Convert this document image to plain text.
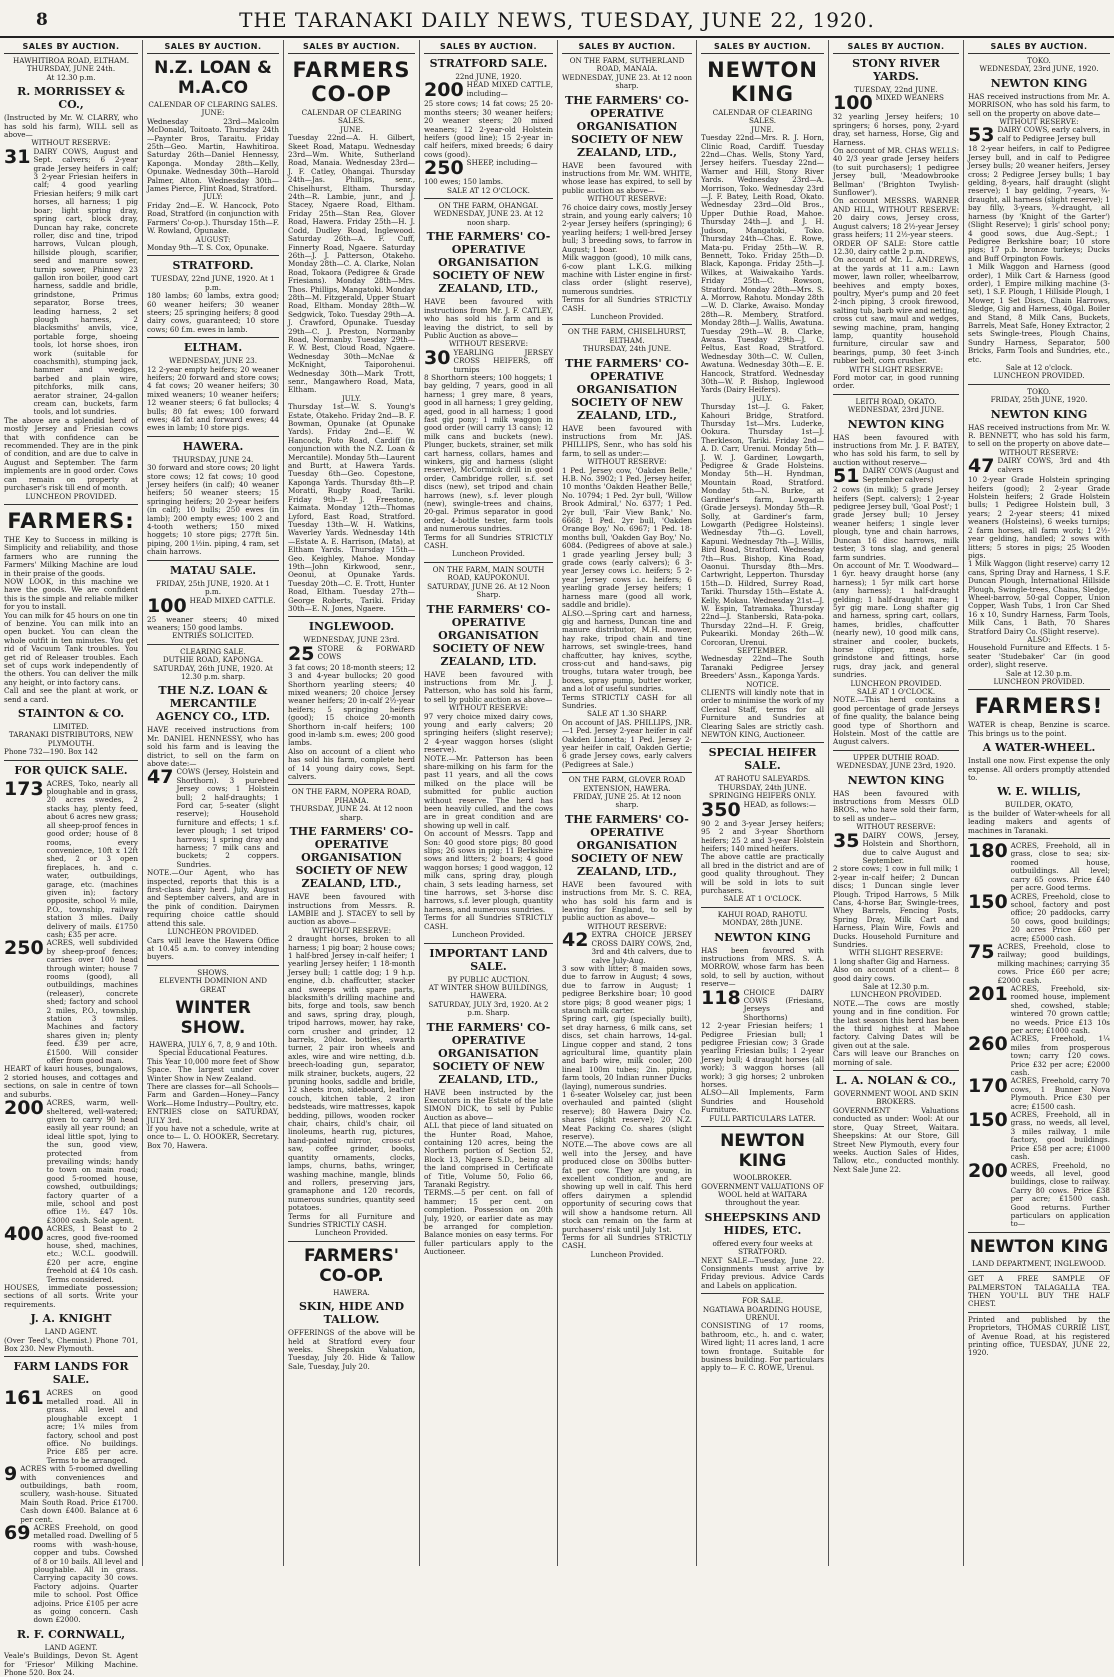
8	THE TARANAKI DAILY NEWS, TUESDAY, JUNE 22, 1920.
SALES BY AUCTION.
HAWHITIROA ROAD, ELTHAM.
THURSDAY, JUNE 24th.
At 12.30 p.m.
R. MORRISSEY & CO.,
(Instructed by Mr. W. CLARRY, who has sold his farm), WILL sell as above—
WITHOUT RESERVE:
31 DAIRY COWS, August and Sept. calvers; 6 2-year grade Jersey heifers in calf; 3 2-year Friesian heifers in calf; 4 good yearling Friesian heifers; 9 milk cart horses, all harness; 1 pig boar; light spring dray, spring cart, block dray, Duncan hay rake, concrete roller, disc and tine, tripod harrows, Vulcan plough, hillside plough, scarifier, seed and manure sower, turnip sower, Phinney 23 gallon iron boiler, good cart harness, saddle and bridle, grindstone, Primus separator, Borse trees, leading harness, 2 set plough harness, 2 blacksmiths' anvils, vice, portable forge, shoeing tools, lot horse shoes, iron work (suitable for coachsmith), stumping jack, hammer and wedges, barbed and plain wire, pitchforks, milk cans, aerator strainer, 24-gallon cream can, buckets, farm tools, and lot sundries.
The above are a splendid herd of mostly Jersey and Friesian cows that with confidence can be recommended. They are in the pink of condition, and are due to calve in August and September. The farm implements are in good order. Cows can remain on property at purchaser's risk till end of month.
LUNCHEON PROVIDED.
FARMERS:
THE Key to Success in milking is Simplicity and reliability, and those farmers who are running the Farmers' Milking Machine are loud in their praise of the goods.
NOW LOOK, in this machine we have the goods. We are confident this is the simple and reliable milker for you to install.
You can milk for 45 hours on one tin of benzine. You can milk into an open bucket. You can clean the whole outfit in ten minutes. You get rid of Vacuum Tank troubles. You get rid of Releaser troubles. Each set of cups work independently of the others. You can deliver the milk any height, or into factory cans.
Call and see the plant at work, or send a card.
STAINTON & CO.
LIMITED.
TARANAKI DISTRIBUTORS, NEW PLYMOUTH.
Phone 732—190. Box 142
FOR QUICK SALE.
173 ACRES, Toko, nearly all ploughable and in grass, 20 acres swedes, 2 stacks hay, plenty feed, about 6 acres new grass; all sheep-proof fences in good order; house of 8 rooms, every convenience, 10ft x 12ft shed, 2 or 3 open fireplaces, h. and c. water, outbuildings, garage, etc. (machines given in); factory opposite, school ½ mile, P.O., township, railway station 3 miles. Daily delivery of mails. £1750 cash; £35 per acre.
250 ACRES, well subdivided by sheep-proof fences; carries over 100 head through winter; house 7 rooms (good), all outbuildings, machines (releaser), concrete shed; factory and school 2 miles, P.O., township, station 3 miles. Machines and factory shares given in; plenty feed. £39 per acre, £1500. Will consider offer from good man.
HEART of kauri houses, bungalows, 2 storied houses, and cottages and sections, on sale in centre of town and suburbs.
200 ACRES, warm, well-sheltered, well-watered; given to carry 90 head easily all year round; an ideal little spot, lying to the sun, good view, protected from prevailing winds; handy to town on main road; good 5-roomed house, cowshed, outbuildings; factory quarter of a mile, school and post office 1½. £47 10s. £3000 cash. Sole agent.
400 ACRES, 1 Beast to 2 acres, good five-roomed house, shed, machines, etc.; W.C.L. goodwill. £20 per acre, engine freehold at £4 10s cash. Terms considered.
HOUSES, immediate possession; sections of all sorts. Write your requirements.
J. A. KNIGHT
LAND AGENT.
(Over Teed's, Chemist.) Phone 701, Box 230. New Plymouth.
FARM LANDS FOR SALE.
161 ACRES on good metalled road. All in grass. All level and ploughable except 1 acre; 1¼ miles from factory, school and post office. No buildings. Price £85 per acre. Terms to be arranged.
9 ACRES with 5-roomed dwelling with conveniences and outbuildings, bath room, scullery, wash-house. Situated Main South Road. Price £1700. Cash down £400. Balance at 6 per cent.
69 ACRES Freehold, on good metalled road. Dwelling of 5 rooms with wash-house, copper and tubs. Cowshed of 8 or 10 bails. All level and ploughable. All in grass. Carrying capacity 30 cows. Factory adjoins. Quarter mile to school. Post Office adjoins. Price £105 per acre as going concern. Cash down £2000.
R. F. CORNWALL,
LAND AGENT.
Veale's Buildings, Devon St. Agent for 'Friesor' Milking Machine. Phone 520. Box 24.
SALES BY AUCTION.
N.Z. LOAN & M.A.CO
CALENDAR OF CLEARING SALES.
JUNE:
Wednesday 23rd—Malcolm McDonald, Toitoato. Thursday 24th—Paynter Bros, Taraitu. Friday 25th—Geo. Martin, Hawhitiroa. Saturday 26th—Daniel Hennessy, Kaponga. Monday 28th—Kelly, Opunake. Wednesday 30th—Harold Palmer, Alton. Wednesday 30th—James Pierce, Flint Road, Stratford.
JULY:
Friday 2nd—E. W. Hancock, Poto Road, Stratford (in conjunction with Farmers' Co-op.). Thursday 15th—F. W. Rowland, Opunake.
AUGUST:
Monday 9th—T. S. Cox, Opunake.
STRATFORD.
TUESDAY, 22nd JUNE, 1920. At 1 p.m.
180 lambs; 60 lambs, extra good; 60 weaner heifers; 30 weaner steers; 25 springing heifers; 8 good dairy cows, guaranteed; 10 store cows; 60 f.m. ewes in lamb.
ELTHAM.
WEDNESDAY, JUNE 23.
12 2-year empty heifers; 20 weaner heifers; 20 forward and store cows; 4 fat cows; 20 weaner heifers; 30 mixed weaners; 10 weaner heifers; 12 weaner steers; 6 fat bullocks; 4 bulls; 80 fat ewes; 100 forward ewes; 48 fat and forward ewes; 44 ewes in lamb; 10 store pigs.
HAWERA.
THURSDAY, JUNE 24.
30 forward and store cows; 20 light store cows; 12 fat cows; 10 good Jersey heifers (in calf); 40 weaner heifers; 50 weaner steers; 15 springing heifers; 20 2-year heifers (in calf); 10 bulls; 250 ewes (in lamb); 200 empty ewes; 100 2 and 4-tooth wethers; 150 mixed hoggets; 10 store pigs; 277ft 5in. piping, 200 1½in. piping, 4 ram, set chain harrows.
MATAU SALE.
FRIDAY, 25th JUNE, 1920. At 1 p.m.
100 HEAD MIXED CATTLE.
25 weaner steers; 40 mixed weaners; 150 good lambs.
ENTRIES SOLICITED.
CLEARING SALE.
DUTHIE ROAD, KAPONGA.
SATURDAY, 26th JUNE, 1920. At 12.30 p.m. sharp.
THE N.Z. LOAN & MERCANTILE AGENCY CO., LTD.
HAVE received instructions from Mr. DANIEL HENNESSY, who has sold his farm and is leaving the district, to sell on the farm on above date:—
47 COWS (Jersey, Holstein and Shorthorn). 3 purebred Jersey cows; 1 Holstein bull; 2 half-draughts; 1 Ford car, 5-seater (slight reserve); Household furniture and effects; 1 s.f. lever plough; 1 set tripod harrows; 1 spring dray and harness; 7 milk cans and buckets; 2 coppers. Sundries.
NOTE.—Our Agent, who has inspected, reports that this is a first-class dairy herd. July, August and September calvers, and are in the pink of condition. Dairymen requiring choice cattle should attend this sale.
LUNCHEON PROVIDED.
Cars will leave the Hawera Office at 10.45 a.m. to convey intending buyers.
SHOWS.
ELEVENTH DOMINION AND GREAT
WINTER SHOW.
HAWERA, JULY 6, 7, 8, 9 and 10th.
Special Educational Features.
This Year 10,000 more feet of Show Space. The largest under cover Winter Show in New Zealand.
There are classes for—all Schools—Farm and Garden—Honey—Fancy Work—Home Industry—Poultry, etc.
ENTRIES close on SATURDAY, JULY 3rd.
If you have not a schedule, write at once to— L. O. HOOKER, Secretary. Box 70, Hawera.
SALES BY AUCTION.
FARMERS CO-OP
CALENDAR OF CLEARING SALES.
JUNE.
Tuesday 22nd—A. H. Gilbert, Skeet Road, Matapu. Wednesday 23rd—Wm. White, Sutherland Road, Manaia. Wednesday 23rd—J. F. Catley, Ohangai. Thursday 24th—Jas. Phillips, senr., Chiselhurst, Eltham. Thursday 24th—R. Lambie, junr., and J. Stacey, Ngaere Road, Eltham. Friday 25th—Stan Rea, Glover Road, Hawera. Friday 25th—H. J. Codd, Dudley Road, Inglewood. Saturday 26th—A. F. Cuff, Finnerty Road, Ngaere. Saturday 26th—J. J. Patterson, Otakeho. Monday 28th—C. A. Clarke, Nolan Road, Tokaora (Pedigree & Grade Friesians). Monday 28th—Mrs. Thos. Phillips, Mangatoki. Monday 28th—M. Fitzgerald, Upper Stuart Road, Eltham. Monday 28th—W. Sedgwick, Toko. Tuesday 29th—A. J. Crawford, Opunake. Tuesday 29th—C. J. Preston, Normanby Road, Normanby. Tuesday 29th—F. W. Best, Cloud Road, Ngaere. Wednesday 30th—McNae & McKnight, Taiporohenui. Wednesday 30th—Mark Trott, senr., Mangawhero Road, Mata, Eltham.
JULY.
Thursday 1st—W. S. Young's Estate, Otakeho. Friday 2nd—B. F. Bowman, Opunake (at Opunake Yards). Friday 2nd—E. W. Hancock, Poto Road, Cardiff (in conjunction with the N.Z. Loan & Mercantile). Monday 5th—Laurent and Burtt, at Hawera Yards. Tuesday 6th—Geo. Copestone, Kaponga Yards. Thursday 8th—P. Moratti, Rugby Road, Tariki. Friday 9th—P. J. Freestone, Kaimata. Monday 12th—Thomas Lyford, East Road, Stratford. Tuesday 13th—W. H. Watkins, Waverley Yards. Wednesday 14th—Estate A. E. Harrison, (Mata), at Eltham Yards. Thursday 15th—Geo. Keighley, Mahoe. Monday 19th—John Kirkwood, senr., Oeonui, at Opunake Yards. Tuesday 20th—C. E. Trott, Hunter Road, Eltham. Tuesday 27th—George Roberts, Tariki. Friday 30th—E. N. Jones, Ngaere.
INGLEWOOD.
WEDNESDAY, JUNE 23rd.
25 STORE & FORWARD COWS
3 fat cows; 20 18-month steers; 12 3 and 4-year bullocks; 20 good Shorthorn yearling steers; 40 mixed weaners; 20 choice Jersey weaner heifers; 20 in-calf 2½-year heifers; 5 springing heifers (good); 15 choice 20-month Shorthorn in-calf heifers; 100 good in-lamb s.m. ewes; 200 good lambs.
Also on account of a client who has sold his farm, complete herd of 14 young dairy cows, Sept. calvers.
ON THE FARM, NOPERA ROAD, PIHAMA.
THURSDAY, JUNE 24. At 12 noon sharp.
THE FARMERS' CO-OPERATIVE ORGANISATION SOCIETY OF NEW ZEALAND, LTD.,
HAVE been favoured with instructions from Messrs. R. LAMBIE and J. STACEY to sell by auction as above—
WITHOUT RESERVE:
2 draught horses, broken to all harness; 1 pig boar; 2 house cows; 1 half-bred Jersey in-calf heifer; 1 yearling Jersey heifer; 1 18-month Jersey bull; 1 cattle dog; 1 9 h.p. engine, d.b. chaffcutter, stacker and sweeps with spare parts, blacksmith's drilling machine and bits, forge and tools, saw bench and saws, spring dray, plough, tripod harrows, mower, hay rake, corn crusher and grinder, 12 barrels, 20doz. bottles, swarth turner, 2 pair iron wheels and axles, wire and wire netting, d.b. breech-loading gun, separator, milk strainer, buckets, augers, 22 pruning hooks, saddle and bridle, 12 sheets iron, sideboard, leather couch, kitchen table, 2 iron bedsteads, wire mattresses, kapok bedding, pillows, wooden rocker chair, chairs, child's chair, oil linoleums, hearth rug, pictures, hand-painted mirror, cross-cut saw, coffee grinder, books, quantity ornaments, clocks, lamps, churns, baths, wringer, washing machine, mangle, blinds and rollers, preserving jars, gramaphone and 120 records, numerous sundries, quantity seed potatoes.
Terms for all Furniture and Sundries STRICTLY CASH.
Luncheon Provided.
FARMERS' CO-OP.
HAWERA.
SKIN, HIDE AND TALLOW.
OFFERINGS of the above will be held at Stratford every four weeks. Sheepskin Valuation, Tuesday, July 20. Hide & Tallow Sale, Tuesday, July 20.
SALES BY AUCTION.
STRATFORD SALE.
22nd JUNE, 1920.
200 HEAD MIXED CATTLE, including—
25 store cows; 14 fat cows; 25 20-months steers; 30 weaner heifers; 20 weaner steers; 20 mixed weaners; 12 2-year-old Holstein heifers (good line); 15 2-year in-calf heifers, mixed breeds; 6 dairy cows (good).
250 SHEEP, including—
100 ewes; 150 lambs.
SALE AT 12 O'CLOCK.
ON THE FARM, OHANGAI.
WEDNESDAY, JUNE 23. At 12 noon sharp.
THE FARMERS' CO-OPERATIVE ORGANISATION SOCIETY OF NEW ZEALAND, LTD.,
HAVE been favoured with instructions from Mr. J. F. CATLEY, who has sold his farm and is leaving the district, to sell by Public Auction as above—
WITHOUT RESERVE:
30 YEARLING JERSEY CROSS HEIFERS, off turnips
8 Shorthorn steers; 100 hoggets; 1 bay gelding, 7 years, good in all harness; 1 grey mare, 8 years, good in all harness; 1 grey gelding, aged, good in all harness; 1 good fast gig pony; 1 milk waggon in good order (will carry 13 cans); 12 milk cans and buckets (new). Plunger, buckets, strainer, set milk cart harness, collars, hames and winkers, gig and harness (slight reserve), McCormick drill in good order, Cambridge roller, s.f. set discs (new), set tripod and chain harrows (new), s.f. lever plough (new), swingle-trees and chains, 20-gal. Primus separator in good order, 4-bottle tester, farm tools and numerous sundries.
Terms for all Sundries STRICTLY CASH.
Luncheon Provided.
ON THE FARM, MAIN SOUTH ROAD, KAUPOKONUI.
SATURDAY, JUNE 26. At 12 Noon Sharp.
THE FARMERS' CO-OPERATIVE ORGANISATION SOCIETY OF NEW ZEALAND, LTD.
HAVE been favoured with instructions from Mr. J. J. Patterson, who has sold his farm, to sell by public auction as above—
WITHOUT RESERVE:
97 very choice mixed dairy cows, young and early calvers; 20 springing heifers (slight reserve); 2 4-year waggon horses (slight reserve).
NOTE.—Mr. Patterson has been share-milking on his farm for the past 11 years, and all the cows milked on the place will be submitted for public auction without reserve. The herd has been heavily culled, and the cows are in great condition and are showing up well in calf.
On account of Messrs. Tapp and Son: 40 good store pigs; 80 good slips; 26 sows in pig; 11 Berkshire sows and litters; 2 boars; 4 good waggon horses; 1 good waggon, 12 milk cans, spring dray, plough chain, 3 sets leading harness, set tine harrows, set 3-horse disc harrows, s.f. lever plough, quantity harness, and numerous sundries.
Terms for all Sundries STRICTLY CASH.
Luncheon Provided.
IMPORTANT LAND SALE.
BY PUBLIC AUCTION.
AT WINTER SHOW BUILDINGS, HAWERA.
SATURDAY, JULY 3rd, 1920. At 2 p.m. Sharp.
THE FARMERS' CO-OPERATIVE ORGANISATION SOCIETY OF NEW ZEALAND, LTD.,
HAVE been instructed by the Executors in the Estate of the late SIMON DICK, to sell by Public Auction as above—
ALL that piece of land situated on the Hunter Road, Mahoe, containing 120 acres, being the Northern portion of Section 52, Block 13, Ngaere S.D., being all the land comprised in Certificate of Title, Volume 50, Folio 66, Taranaki Registry.
TERMS.—5 per cent. on fall of hammer; 15 per cent. on completion. Possession on 20th July, 1920, or earlier date as may be arranged for completion. Balance monies on easy terms. For fuller particulars apply to the Auctioneer.
SALES BY AUCTION.
ON THE FARM, SUTHERLAND ROAD, MANAIA.
WEDNESDAY, JUNE 23. At 12 noon sharp.
THE FARMERS' CO-OPERATIVE ORGANISATION SOCIETY OF NEW ZEALAND, LTD.,
HAVE been favoured with instructions from Mr. WM. WHITE, whose lease has expired, to sell by public auction as above—
WITHOUT RESERVE:
76 choice dairy cows, mostly Jersey strain, and young early calvers; 10 2-year Jersey heifers (springing); 6 yearling heifers; 1 well-bred Jersey bull; 3 breeding sows, to farrow in August; 1 boar.
Milk waggon (good), 10 milk cans, 6-cow plant L.K.G. milking machine with Lister engine in first-class order (slight reserve), numerous sundries.
Terms for all Sundries STRICTLY CASH.
Luncheon Provided.
ON THE FARM, CHISELHURST, ELTHAM.
THURSDAY, 24th JUNE.
THE FARMERS' CO-OPERATIVE ORGANISATION SOCIETY OF NEW ZEALAND, LTD.,
HAVE been favoured with instructions from Mr. JAS. PHILLIPS, Senr., who has sold his farm, to sell as under:—
WITHOUT RESERVE:
1 Ped. Jersey cow, 'Oakden Belle,' H.B. No. 3902; 1 Ped. Jersey heifer, 10 months 'Oakden Heather Belle,' No. 10794; 1 Ped. 2yr bull, 'Willow Brook Admiral,' No. 6377; 1 Ped. 2yr bull, 'Fair View Bank,' No. 6668; 1 Ped. 2yr bull, 'Oakden Orange Boy,' No. 6967; 1 Ped. 18-months bull, 'Oakden Gay Boy,' No. 6084. (Pedigrees of above at sale.) 1 grade yearling Jersey bull; 3 grade cows (early calvers); 6 3-year Jersey cows i.c. heifers; 5 2-year Jersey cows i.c. heifers; 6 yearling grade Jersey heifers; 1 harness mare (good all work, saddle and bridle).
ALSO.—Spring cart and harness, gig and harness, Duncan tine and manure distributor, M.H. mower, hay rake, tripod chain and tine harrows, set swingle-trees, hand chaffcutter, hay knives, scythe, cross-cut and hand-saws, pig troughs, tutara water trough, bee boxes, spray pump, butter worker, and a lot of useful sundries.
Terms STRICTLY CASH for all Sundries.
SALE AT 1.30 SHARP.
On account of JAS. PHILLIPS, JNR.—1 Ped. Jersey 2-year heifer in calf Oakden Lionetta; 1 Ped. Jersey 2-year heifer in calf, Oakden Gertie; 6 grade Jersey cows, early calvers (Pedigrees at Sale.)
ON THE FARM, GLOVER ROAD EXTENSION, HAWERA.
FRIDAY, JUNE 25. At 12 noon sharp.
THE FARMERS' CO-OPERATIVE ORGANISATION SOCIETY OF NEW ZEALAND, LTD.,
HAVE been favoured with instructions from Mr. S. C. REA, who has sold his farm and is leaving for England, to sell by public auction as above—
WITHOUT RESERVE:
42 EXTRA CHOICE JERSEY CROSS DAIRY COWS, 2nd, 3rd and 4th calvers, due to calve July-Aug.
3 sow with litter; 8 maiden sows, due to farrow in August; 4 sows, due to farrow in August; 1 pedigree Berkshire boar; 10 good store pigs; 8 good weaner pigs; 1 staunch milk carter.
Spring cart, gig (specially built), set dray harness, 6 milk cans, set discs, set chain harrows, 14-gal. Lingue copper and stand, 2 tons agricultural lime, quantity plain and barb wire, milk cooler, 200 lineal 100m tubes; 2in. piping, farm tools, 20 Indian runner Ducks (laying), numerous sundries.
1 6-seater Wolseley car, just been overhauled and painted (slight reserve); 80 Hawera Dairy Co. shares (slight reserve); 20 N.Z. Meat Packing Co. shares (slight reserve).
NOTE.—The above cows are all well into the Jersey, and have produced close on 300lbs butter-fat per cow. They are young, in excellent condition, and are showing up well in calf. This herd offers dairymen a splendid opportunity of securing cows that will show a handsome return. All stock can remain on the farm at purchasers' risk until July 1st.
Terms for all Sundries STRICTLY CASH.
Luncheon Provided.
SALES BY AUCTION.
NEWTON KING
CALENDAR OF CLEARING SALES.
JUNE.
Tuesday 22nd—Mrs. R. J. Horn, Clinic Road, Cardiff. Tuesday 22nd—Chas. Wells, Stony Yard, Jersey heifers. Tuesday 22nd—Warner and Hill, Stony River Yards. Wednesday 23rd—A. Morrison, Toko. Wednesday 23rd—J. F. Batey, Leith Road, Okato. Wednesday 23rd—Old Bros., Upper Duthie Road, Mahoe. Thursday 24th—J. and J. H. Judson, Mangatoki, Toko. Thursday 24th—Chas. E. Rowe, Mata-pu. Friday 25th—W. R. Bennett, Toko. Friday 25th—D. Black, Kaponga. Friday 25th—J. Wilkes, at Waiwakaiho Yards. Friday 25th—C. Rowson, Stratford. Monday 28th—Mrs. S. A. Morrow, Rahotu. Monday 28th—W. D. Clarke, Awaiso. Monday 28th—R. Membery, Stratford. Monday 28th—J. Wallis, Awatuna. Tuesday 29th—W. B. Clarke, Awasa. Tuesday 29th—J. C. Feltus, East Road, Stratford. Wednesday 30th—C. W. Cullen, Awatuna. Wednesday 30th—E. E. Hancock, Stratford. Wednesday 30th—W. P. Bishop, Inglewood Yards (Dairy Heifers).
JULY.
Thursday 1st—J. G. Faker, Kahouri Bridge, Stratford. Thursday 1st—Mrs. Luderke, Ookura. Thursday 1st—J. Therkleson, Tariki. Friday 2nd—A. D. Carr, Urenui. Monday 5th—J. W. J. Gardiner, Lowgarth, Pedigree & Grade Holsteins. Monday 5th—H. Hyndman, Mountain Road, Stratford. Monday 5th—N. Burke, at Gardiner's farm, Lowgarth (Grade Jerseys). Monday 5th—R. Solly, at Gardiner's farm, Lowgarth (Pedigree Holsteins). Wednesday 7th—G. Lovell, Kapuni. Wednesday 7th—J. Willis, Bird Road, Stratford. Wednesday 7th—Rus. Bishop, Kina Road, Oaonui. Thursday 8th—Mrs. Cartwright, Lepperton. Thursday 15th—D. Hildred, Surrey Road, Tariki. Thursday 15th—Estate A. Kelly, Mokau. Wednesday 21st—J. W. Espin, Tatramaka. Thursday 22nd—J. Stanberski, Rata-poka. Thursday 22nd—H. F. Greig, Pukeariki. Monday 26th—W. Corcoran, Urenui.
SEPTEMBER.
Wednesday 22nd—The South Taranaki Pedigree Jersey Breeders' Assn., Kaponga Yards.
NOTICE.
CLIENTS will kindly note that in order to minimise the work of my Clerical Staff, terms for all Furniture and Sundries at Clearing Sales are strictly cash. NEWTON KING, Auctioneer.
SPECIAL HEIFER SALE.
AT RAHOTU SALEYARDS.
THURSDAY, 24th JUNE.
SPRINGING HEIFERS ONLY.
350 HEAD, as follows:—
90 2 and 3-year Jersey heifers; 95 2 and 3-year Shorthorn heifers; 25 2 and 3-year Holstein heifers; 140 mixed heifers.
The above cattle are practically all bred in the district and are of good quality throughout. They will be sold in lots to suit purchasers.
SALE AT 1 O'CLOCK.
KAHUI ROAD, RAHOTU.
MONDAY, 28th JUNE.
NEWTON KING
HAS been favoured with instructions from MRS. S. A. MORROW, whose farm has been sold, to sell by auction, without reserve—
118 CHOICE DAIRY COWS (Friesians, Jerseys and Shorthorns)
12 2-year Friesian heifers; 1 Pedigree Friesian bull; 1 pedigree Friesian cow; 3 Grade yearling Friesian bulls; 1 2-year Jersey bull; 4 draught horses (all work); 3 waggon horses (all work); 3 gig horses; 2 unbroken horses.
ALSO—All Implements, Farm Sundries and Household Furniture.
FULL PARTICULARS LATER.
NEWTON KING
WOOLBROKER.
GOVERNMENT VALUATIONS OF WOOL held at WAITARA throughout the year.
SHEEPSKINS AND HIDES, ETC.
offered every four weeks at STRATFORD.
NEXT SALE—Tuesday, June 22. Consignments must arrive by Friday previous. Advice Cards and Labels on application.
FOR SALE.
NGATIAWA BOARDING HOUSE, URENUI.
CONSISTING of 17 rooms, bathroom, etc., h. and c. water, Wired light; 11 acres land, 1 acre town frontage. Suitable for business building. For particulars apply to— F. C. ROWE, Urenui.
SALES BY AUCTION.
STONY RIVER YARDS.
TUESDAY, 22nd JUNE.
100 MIXED WEANERS
32 yearling Jersey heifers; 10 springers; 6 horses, pony, 2-yard dray, set harness, Horse, Gig and Harness.
On account of MR. CHAS WELLS: 40 2/3 year grade Jersey heifers (to suit purchasers); 1 pedigree Jersey bull, 'Meadowbrooke Bellman' ('Brighton Twylish-Sunflower').
On account MESSRS. WARNER AND HILL, WITHOUT RESERVE: 20 dairy cows, Jersey cross, August calvers; 18 2½-year Jersey grass heifers; 11 2½-year steers.
ORDER OF SALE: Store cattle 12.30, dairy cattle 2 p.m.
On account of Mr. L. ANDREWS, at the yards at 11 a.m.: Lawn mower, lawn roller, wheelbarrow, beehives and empty boxes, poultry, Myer's pump and 20 feet 2-inch piping, 3 crook firewood, salting tub, barb wire and netting, cross cut saw, maul and wedges, sewing machine, pram, hanging lamp, quantity household furniture, circular saw and bearings, pump, 30 feet 3-inch rubber belt, corn crusher.
WITH SLIGHT RESERVE:
Ford motor car, in good running order.
LEITH ROAD, OKATO.
WEDNESDAY, 23rd JUNE.
NEWTON KING
HAS been favoured with instructions from Mr. J. F. BATEY, who has sold his farm, to sell by auction without reserve—
51 DAIRY COWS (August and September calvers)
2 cows (in milk); 5 grade Jersey heifers (Sept. calvers); 1 2-year pedigree Jersey bull, 'Goal Post'; 1 grade Jersey bull; 10 Jersey weaner heifers; 1 single lever plough, tyne and chain harrows, Duncan 16 disc harrows, milk tester, 3 tons slag, and general farm sundries.
On account of Mr. T. Woodward— 1 6yr. heavy draught horse (any harness); 1 5yr milk cart horse (any harness); 1 half-draught gelding; 1 half-draught mare; 1 5yr gig mare. Long shafter gig and harness, spring cart, collars, hames, bridles, chaffcutter (nearly new), 10 good milk cans, strainer and cooler, buckets, horse clipper, meat safe, grindstone and fittings, horse rugs, dray jack, and general sundries.
LUNCHEON PROVIDED.
SALE AT 1 O'CLOCK.
NOTE.—This herd contains a good percentage of grade Jerseys of fine quality, the balance being good type of Shorthorn and Holstein. Most of the cattle are August calvers.
UPPER DUTHIE ROAD.
WEDNESDAY, JUNE 23rd, 1920.
NEWTON KING
HAS been favoured with instructions from Messrs OLD BROS., who have sold their farm, to sell as under—
WITHOUT RESERVE:
35 DAIRY COWS, Jersey, Holstein and Shorthorn, due to calve August and September.
2 store cows; 1 cow in full milk; 1 2-year in-calf heifer; 2 Duncan discs; 1 Duncan single lever Plough. Tripod Harrows, 5 Milk Cans, 4-horse Bar, Swingle-trees, Whey Barrels, Fencing Posts, Spring Dray, Milk Cart and Harness, Plain Wire, Fowls and Ducks. Household Furniture and Sundries.
WITH SLIGHT RESERVE:
1 long shafter Gig and Harness.
Also on account of a client— 8 good dairy cows.
Sale at 12.30 p.m.
LUNCHEON PROVIDED.
NOTE.—The cows are mostly young and in fine condition. For the last season this herd has been the third highest at Mahoe factory. Calving Dates will be given out at the sale.
Cars will leave our Branches on morning of sale.
L. A. NOLAN & CO.,
GOVERNMENT WOOL AND SKIN BROKERS.
GOVERNMENT Valuations conducted as under: Wool: At our store, Quay Street, Waitara. Sheepskins: At our Store, Gill Street New Plymouth, every four weeks. Auction Sales of Hides, Tallow, etc., conducted monthly. Next Sale June 22.
SALES BY AUCTION.
TOKO.
WEDNESDAY, 23rd JUNE, 1920.
NEWTON KING
HAS received instructions from Mr. A. MORRISON, who has sold his farm, to sell on the property on above date—
WITHOUT RESERVE:
53 DAIRY COWS, early calvers, in calf to Pedigree Jersey bull
18 2-year heifers, in calf to Pedigree Jersey bull, and in calf to Pedigree Jersey bulls; 20 weaner heifers, Jersey cross; 2 Pedigree Jersey bulls; 1 bay gelding, 8-years, half draught (slight reserve); 1 bay gelding, 7-years, ¾-draught, all harness (slight reserve); 1 bay filly, 3-years, ¾-draught, all harness (by 'Knight of the Garter') (Slight Reserve); 1 girls' school pony; 4 good sows, due Aug.-Sept.; 1 Pedigree Berkshire boar; 10 store pigs; 17 p.b. bronze turkeys; Ducks and Buff Orpington Fowls.
1 Milk Waggon and Harness (good order), 1 Milk Cart & Harness (good order), 1 Empire milking machine (3-set), 1 S.F. Plough, 1 Hillside Plough, 1 Mower, 1 Set Discs, Chain Harrows, Sledge, Gig and Harness, 40gal. Boiler and Stand, 8 Milk Cans, Buckets, Barrels, Meat Safe, Honey Extractor, 2 sets Swingle-trees, Plough Chains, Sundry Harness, Separator, 500 Bricks, Farm Tools and Sundries, etc., etc.
Sale at 12 o'clock.
LUNCHEON PROVIDED.
TOKO.
FRIDAY, 25th JUNE, 1920.
NEWTON KING
HAS received instructions from Mr. W. R. BENNETT, who has sold his farm, to sell on the property on above date—
WITHOUT RESERVE:
47 DAIRY COWS, 3rd and 4th calvers
10 2-year Grade Holstein springing heifers (good); 2 2-year Grade Holstein heifers; 2 Grade Holstein bulls; 1 Pedigree Holstein bull, 3 years; 2 2-year steers; 41 mixed weaners (Holsteins), 6 weeks turnips; 2 farm horses, all farm work; 1 2½-year gelding, handled; 2 sows with litters; 5 stores in pigs; 25 Wooden pigs.
1 Milk Waggon (light reserve) carry 12 cans, Spring Dray and Harness, 1 S.F. Duncan Plough, International Hillside Plough, Swingle-trees, Chains, Sledge, Wheel-barrow, 50-gal Copper, Union Copper, Wash Tubs, 1 Iron Car Shed 16 x 10, Sundry Harness, Farm Tools, Milk Cans, 1 Bath, 70 Shares Stratford Dairy Co. (Slight reserve).
ALSO:
Household Furniture and Effects. 1 5-seater 'Studebaker' Car (in good order), slight reserve.
Sale at 12.30 p.m.
LUNCHEON PROVIDED.
FARMERS!
WATER is cheap, Benzine is scarce. This brings us to the point.
A WATER-WHEEL.
Install one now. First expense the only expense. All orders promptly attended to.
W. E. WILLIS,
BUILDER, OKATO,
is the builder of Water-wheels for all leading makers and agents of machines in Taranaki.
180 ACRES, Freehold, all in grass, close to sea; six-roomed house, outbuildings. All level; carry 65 cows. Price £40 per acre. Good terms.
150 ACRES, Freehold, close to school, factory and post office; 20 paddocks, carry 50 cows, good buildings; 20 acres Price £60 per acre; £5000 cash.
75 ACRES, Freehold, close to railway; good buildings, milking machines; carrying 35 cows. Price £60 per acre; £2000 cash.
201 ACRES, Freehold, six-roomed house, implement shed, cowshed, stable; wintered 70 grown cattle; no weeds. Price £13 10s per acre; £1000 cash.
260 ACRES, Freehold, 1¼ miles from prosperous town; carry 120 cows. Price £32 per acre; £2000 cash.
170 ACRES, Freehold, carry 70 cows, 1 Bunner Nova Plymouth. Price £30 per acre; £1500 cash.
150 ACRES, Freehold, all in grass, no weeds, all level, 3 miles railway, 1 mile factory, good buildings. Price £58 per acre; £1000 cash.
200 ACRES, Freehold, no weeds, all level, good buildings, close to railway. Carry 80 cows. Price £38 per acre; £1500 cash. Good returns. Further particulars on application to—
NEWTON KING
LAND DEPARTMENT, INGLEWOOD.
GET A FREE SAMPLE OF PALMERSTON TALAGALLA TEA. THEN YOU'LL BUY THE HALF CHEST.
Printed and published by the Proprietors, THOMAS CURRIE LIST, of Avenue Road, at his registered printing office, TUESDAY, JUNE 22, 1920.
